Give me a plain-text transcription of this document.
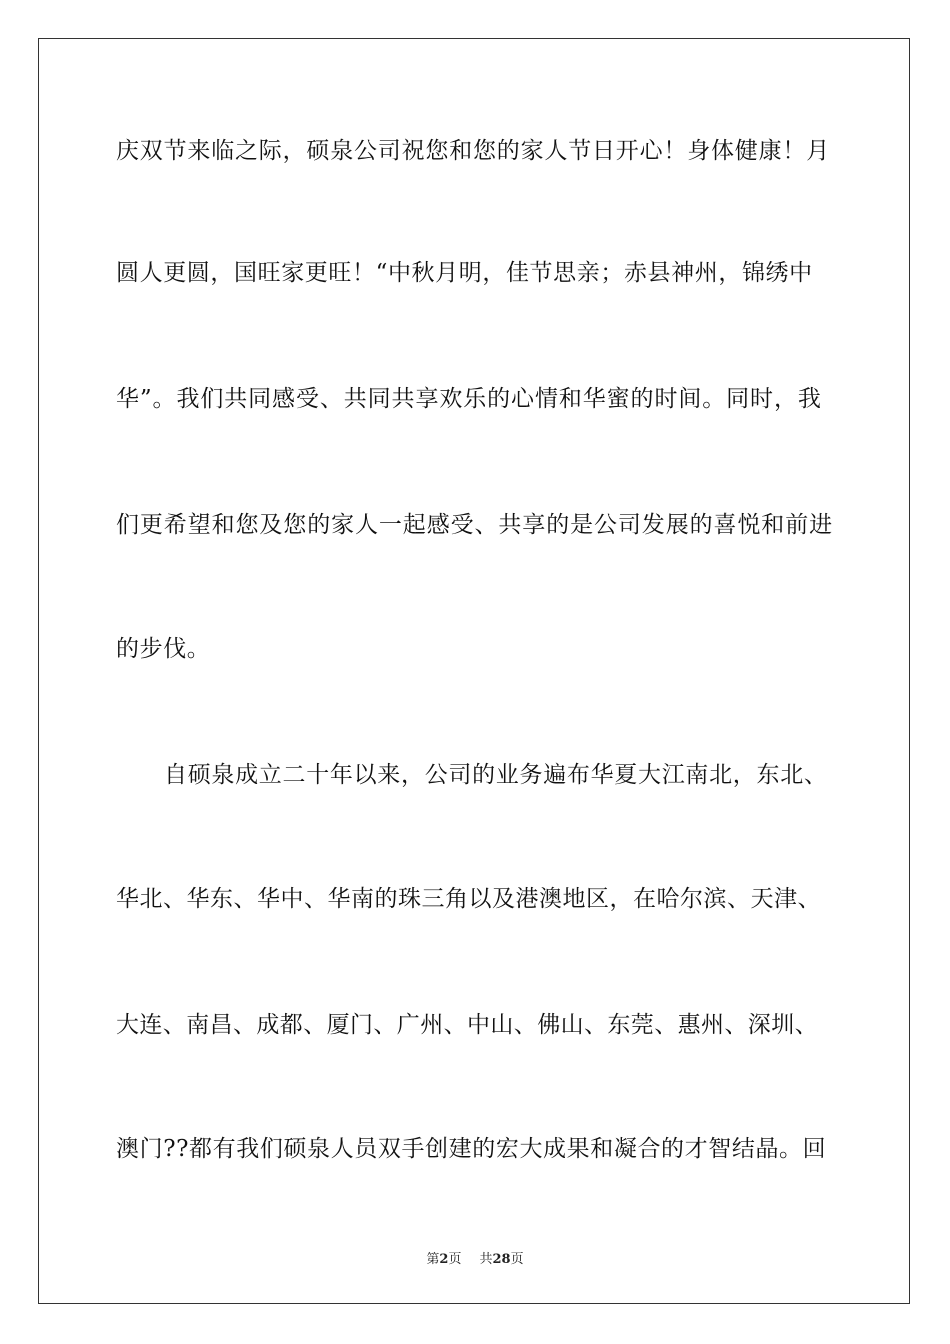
庆双节来临之际，硕泉公司祝您和您的家人节日开心！身体健康！月
圆人更圆，国旺家更旺！“中秋月明，佳节思亲；赤县神州，锦绣中
华”。我们共同感受、共同共享欢乐的心情和华蜜的时间。同时，我
们更希望和您及您的家人一起感受、共享的是公司发展的喜悦和前进
的步伐。
自硕泉成立二十年以来，公司的业务遍布华夏大江南北，东北、
华北、华东、华中、华南的珠三角以及港澳地区，在哈尔滨、天津、
大连、南昌、成都、厦门、广州、中山、佛山、东莞、惠州、深圳、
澳门??都有我们硕泉人员双手创建的宏大成果和凝合的才智结晶。回
第2页 共28页
